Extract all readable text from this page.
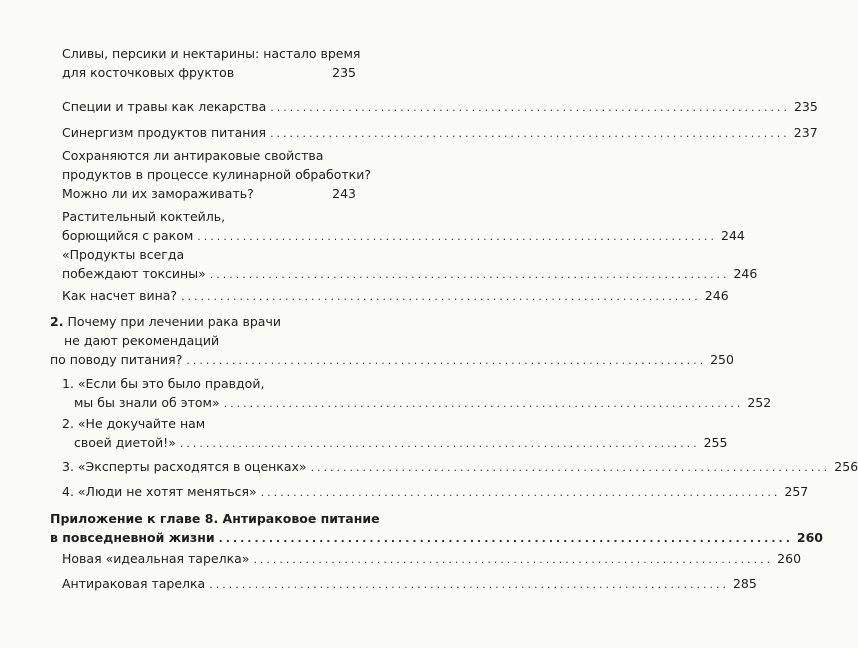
Сливы, персики и нектарины: настало время
для косточковых фруктов	235
Специи и травы как лекарства ................................................................................ 235
Синергизм продуктов питания ................................................................................ 237
Сохраняются ли антираковые свойства
продуктов в процессе кулинарной обработки?
Можно ли их замораживать?	243
Растительный коктейль,
борющийся с раком ................................................................................ 244
«Продукты всегда
побеждают токсины» ................................................................................ 246
Как насчет вина? ................................................................................ 246
2. Почему при лечении рака врачи
не дают рекомендаций
по поводу питания? ................................................................................ 250
1. «Если бы это было правдой,
мы бы знали об этом» ................................................................................ 252
2. «Не докучайте нам
своей диетой!» ................................................................................ 255
3. «Эксперты расходятся в оценках» ................................................................................ 256
4. «Люди не хотят меняться» ................................................................................ 257
Приложение к главе 8. Антираковое питание
в повседневной жизни ................................................................................ 260
Новая «идеальная тарелка» ................................................................................ 260
Антираковая тарелка ................................................................................ 285
